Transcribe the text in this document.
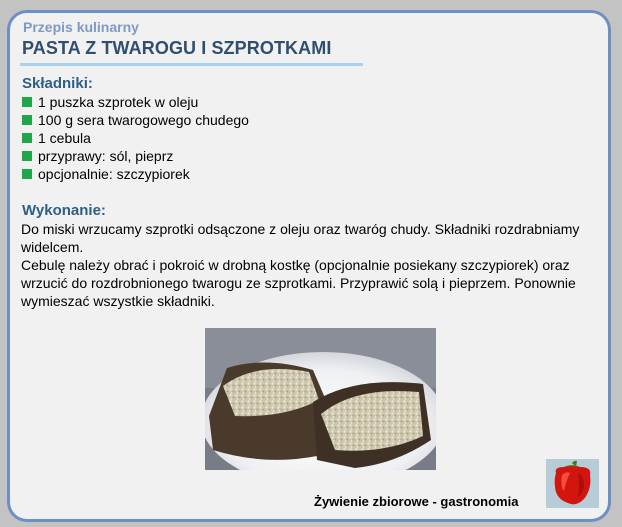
Przepis kulinarny
PASTA Z TWAROGU I SZPROTKAMI
Składniki:
1 puszka szprotek w oleju
100 g sera twarogowego chudego
1 cebula
przyprawy: sól, pieprz
opcjonalnie: szczypiorek
Wykonanie:

Do miski wrzucamy szprotki odsączone z oleju oraz twaróg chudy. Składniki rozdrabniamy widelcem.

Cebulę należy obrać i pokroić w drobną kostkę (opcjonalnie posiekany szczypiorek) oraz wrzucić do rozdrobnionego twarogu ze szprotkami. Przyprawić solą i pieprzem. Ponownie wymieszać wszystkie składniki.

Żywienie zbiorowe - gastronomia
